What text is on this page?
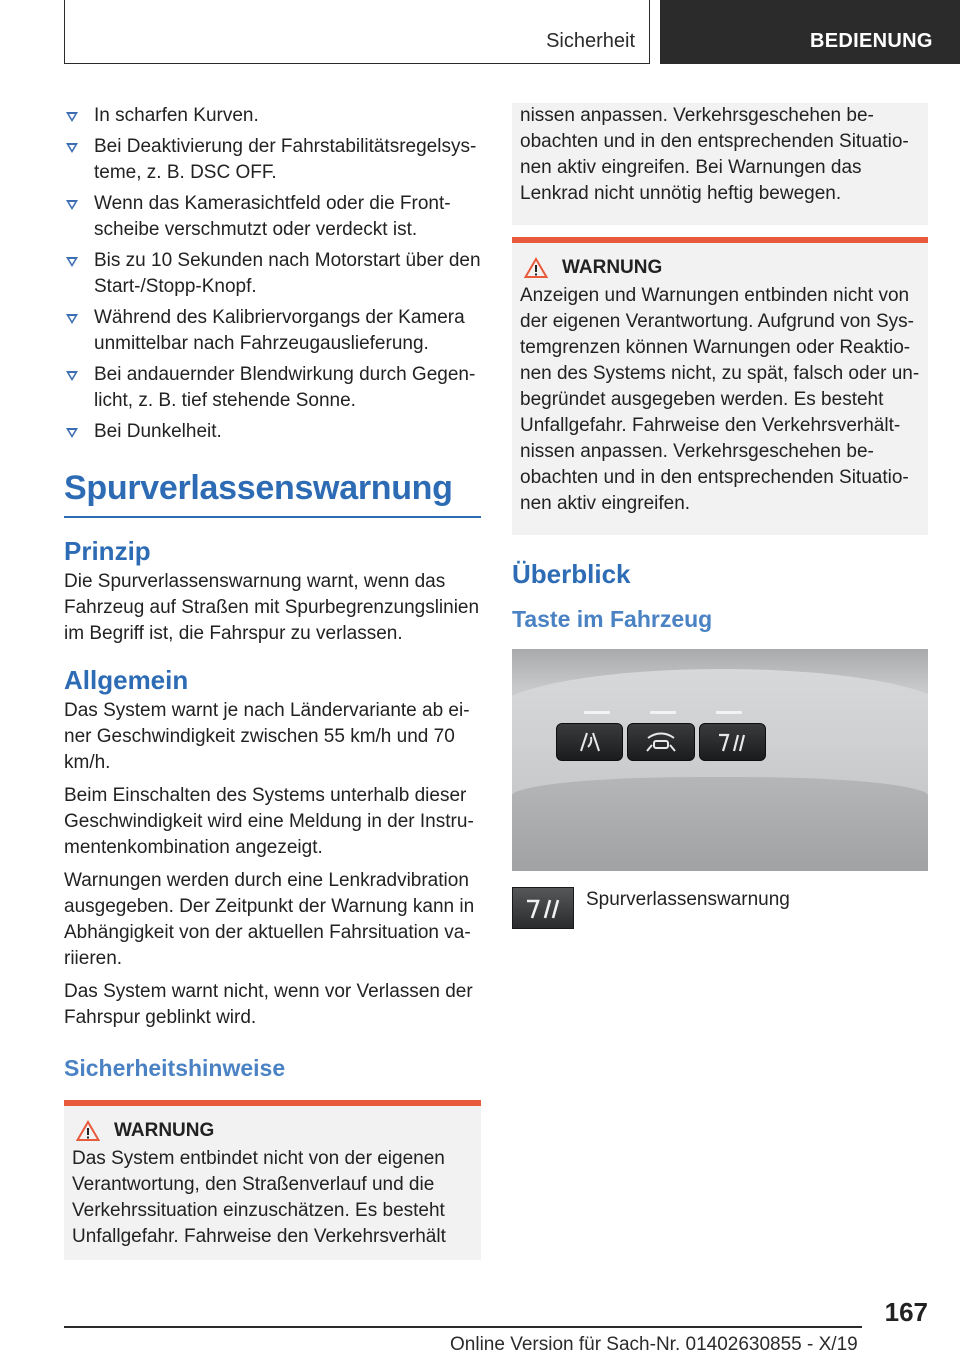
Sicherheit	BEDIENUNG
In scharfen Kurven.
Bei Deaktivierung der Fahrstabilitätsregelsysteme, z. B. DSC OFF.
Wenn das Kamerasichtfeld oder die Frontscheibe verschmutzt oder verdeckt ist.
Bis zu 10 Sekunden nach Motorstart über den Start-/Stopp-Knopf.
Während des Kalibriervorgangs der Kamera unmittelbar nach Fahrzeugauslieferung.
Bei andauernder Blendwirkung durch Gegenlicht, z. B. tief stehende Sonne.
Bei Dunkelheit.
Spurverlassenswarnung
Prinzip

Die Spurverlassenswarnung warnt, wenn das Fahrzeug auf Straßen mit Spurbegrenzungslinien im Begriff ist, die Fahrspur zu verlassen.

Allgemein

Das System warnt je nach Ländervariante ab einer Geschwindigkeit zwischen 55 km/h und 70 km/h.

Beim Einschalten des Systems unterhalb dieser Geschwindigkeit wird eine Meldung in der Instrumentenkombination angezeigt.

Warnungen werden durch eine Lenkradvibration ausgegeben. Der Zeitpunkt der Warnung kann in Abhängigkeit von der aktuellen Fahrsituation variieren.

Das System warnt nicht, wenn vor Verlassen der Fahrspur geblinkt wird.

Sicherheitshinweise
WARNUNG

Das System entbindet nicht von der eigenen Verantwortung, den Straßenverlauf und die Verkehrssituation einzuschätzen. Es besteht Unfallgefahr. Fahrweise den Verkehrsverhält

nissen anpassen. Verkehrsgeschehen beobachten und in den entsprechenden Situationen aktiv eingreifen. Bei Warnungen das Lenkrad nicht unnötig heftig bewegen.

WARNUNG

Anzeigen und Warnungen entbinden nicht von der eigenen Verantwortung. Aufgrund von Systemgrenzen können Warnungen oder Reaktionen des Systems nicht, zu spät, falsch oder unbegründet ausgegeben werden. Es besteht Unfallgefahr. Fahrweise den Verkehrsverhältnissen anpassen. Verkehrsgeschehen beobachten und in den entsprechenden Situationen aktiv eingreifen.

Überblick
Taste im Fahrzeug
Spurverlassenswarnung
167
Online Version für Sach-Nr. 01402630855 - X/19
